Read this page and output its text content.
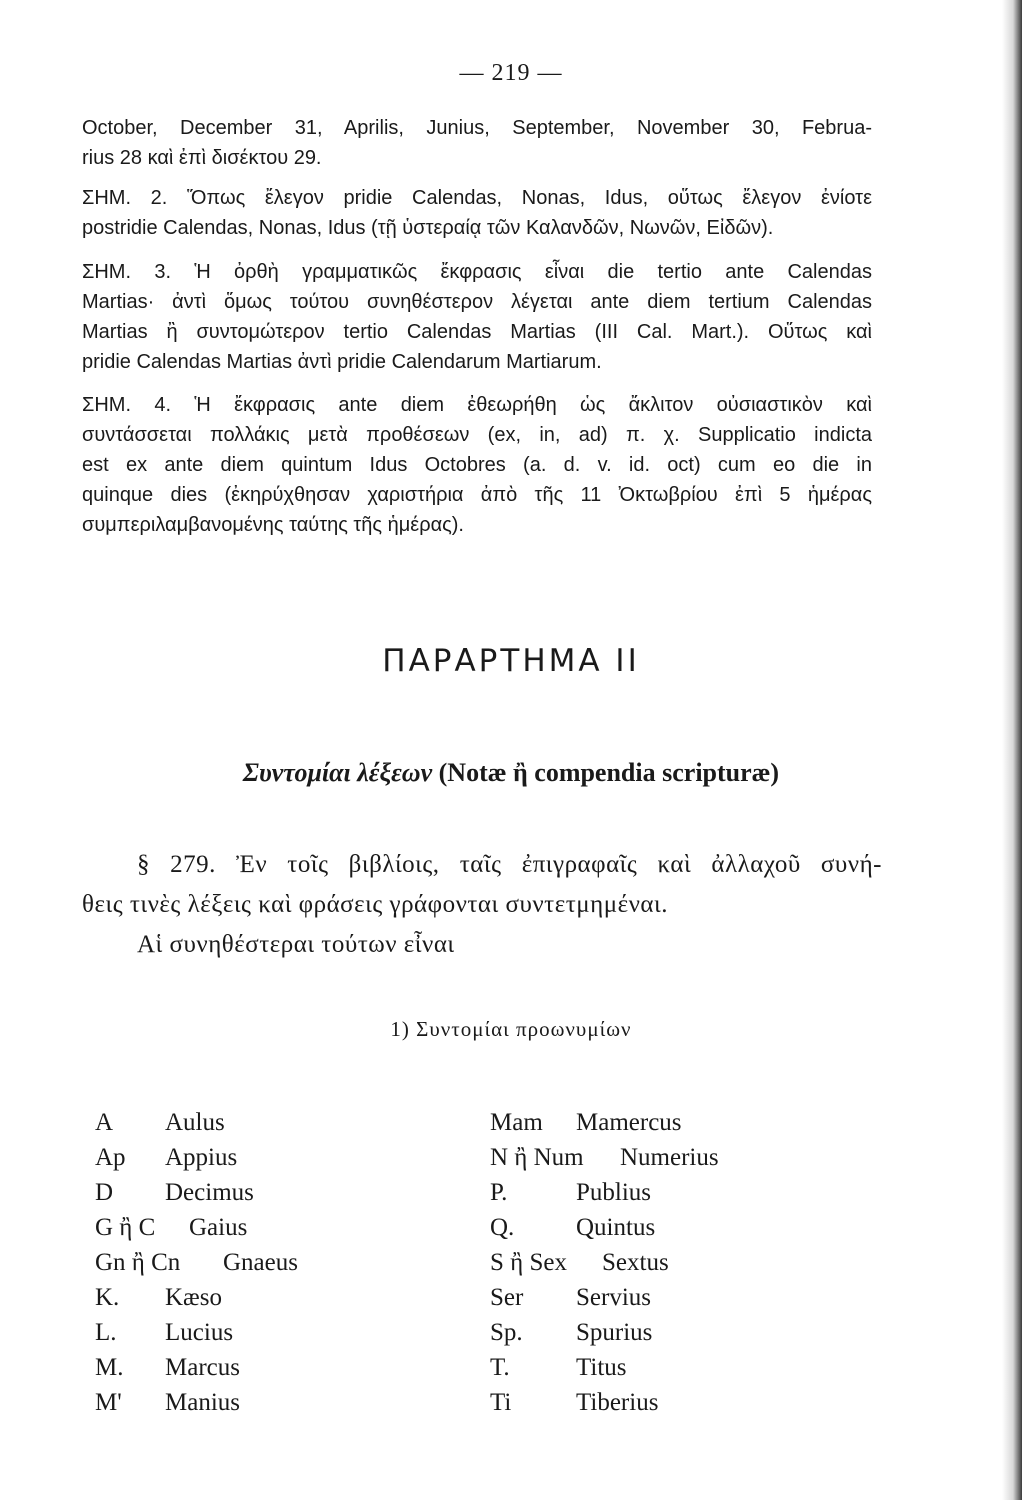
— 219 —
October, December 31, Aprilis, Junius, September, November 30, Februa-
rius 28 καὶ ἐπὶ δισέκτου 29.
ΣΗΜ. 2. Ὅπως ἔλεγον pridie Calendas, Nonas, Idus, οὕτως ἔλεγον ἐνίοτε
postridie Calendas, Nonas, Idus (τῇ ὑστεραίᾳ τῶν Καλανδῶν, Νωνῶν, Εἰδῶν).
ΣΗΜ. 3. Ἡ ὀρθὴ γραμματικῶς ἔκφρασις εἶναι die tertio ante Calendas
Martias· ἀντὶ ὅμως τούτου συνηθέστερον λέγεται ante diem tertium Calendas
Martias ἢ συντομώτερον tertio Calendas Martias (III Cal. Mart.). Οὕτως καὶ
pridie Calendas Martias ἀντὶ pridie Calendarum Martiarum.
ΣΗΜ. 4. Ἡ ἔκφρασις ante diem ἐθεωρήθη ὡς ἄκλιτον οὐσιαστικὸν καὶ
συντάσσεται πολλάκις μετὰ προθέσεων (ex, in, ad) π. χ. Supplicatio indicta
est ex ante diem quintum Idus Octobres (a. d. v. id. oct) cum eo die in
quinque dies (ἐκηρύχθησαν χαριστήρια ἀπὸ τῆς 11 Ὀκτωβρίου ἐπὶ 5 ἡμέρας
συμπεριλαμβανομένης ταύτης τῆς ἡμέρας).
ΠΑΡΑΡΤΗΜΑ ΙΙ
Συντομίαι λέξεων (Notæ ἢ compendia scripturæ)
§ 279. Ἐν τοῖς βιβλίοις, ταῖς ἐπιγραφαῖς καὶ ἀλλαχοῦ συνή-
θεις τινὲς λέξεις καὶ φράσεις γράφονται συντετμημέναι.
Αἱ συνηθέστεραι τούτων εἶναι
1) Συντομίαι προωνυμίων
A Aulus
Ap Appius
D Decimus
G ἢ C Gaius
Gn ἢ Cn Gnaeus
K. Kæso
L. Lucius
M. Marcus
M' Manius
Mam Mamercus
N ἢ Num Numerius
P.	Publius
Q. Quintus
S ἢ Sex Sextus
Ser Servius
Sp. Spurius
T.	Titus
Ti	Tiberius
